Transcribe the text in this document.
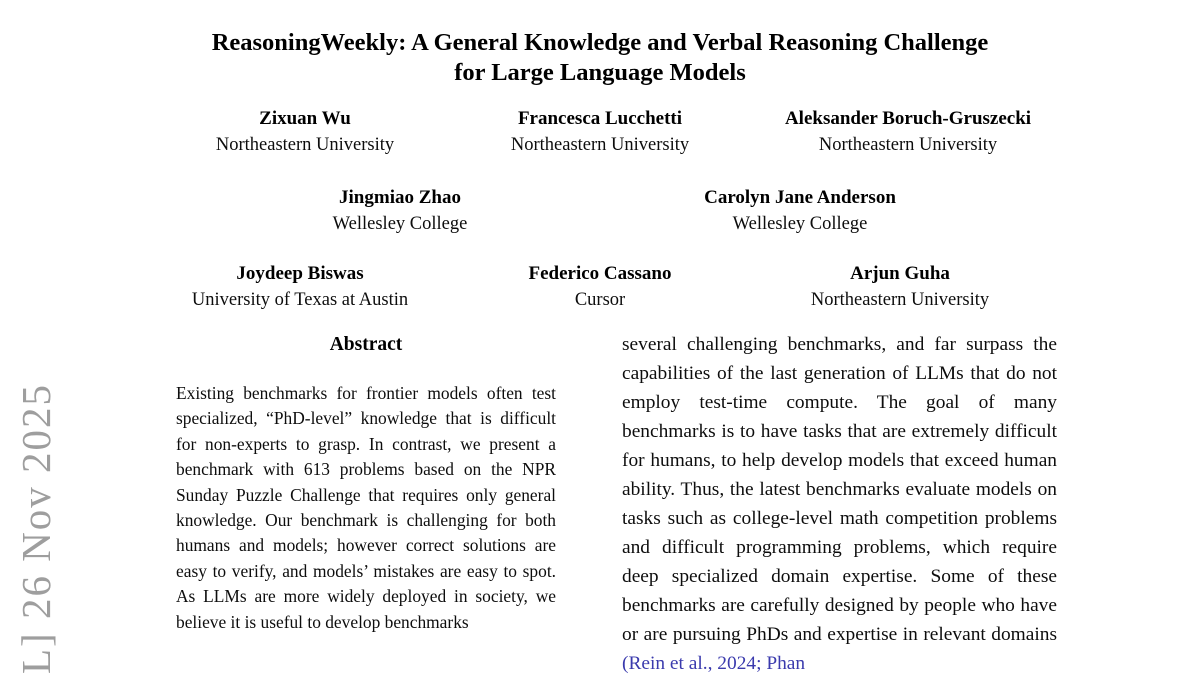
L] 26 Nov 2025
ReasoningWeekly: A General Knowledge and Verbal Reasoning Challenge
for Large Language Models
Zixuan Wu
Northeastern University
Francesca Lucchetti
Northeastern University
Aleksander Boruch-Gruszecki
Northeastern University
Jingmiao Zhao
Wellesley College
Carolyn Jane Anderson
Wellesley College
Joydeep Biswas
University of Texas at Austin
Federico Cassano
Cursor
Arjun Guha
Northeastern University
Abstract
Existing benchmarks for frontier models often test specialized, “PhD-level” knowledge that is difficult for non-experts to grasp. In contrast, we present a benchmark with 613 problems based on the NPR Sunday Puzzle Challenge that requires only general knowledge. Our benchmark is challenging for both humans and models; however correct solutions are easy to verify, and models’ mistakes are easy to spot. As LLMs are more widely deployed in society, we believe it is useful to develop benchmarks
several challenging benchmarks, and far surpass the capabilities of the last generation of LLMs that do not employ test-time compute. The goal of many benchmarks is to have tasks that are extremely difficult for humans, to help develop models that exceed human ability. Thus, the latest benchmarks evaluate models on tasks such as college-level math competition problems and difficult programming problems, which require deep specialized domain expertise. Some of these benchmarks are carefully designed by people who have or are pursuing PhDs and expertise in relevant domains (Rein et al., 2024; Phan
